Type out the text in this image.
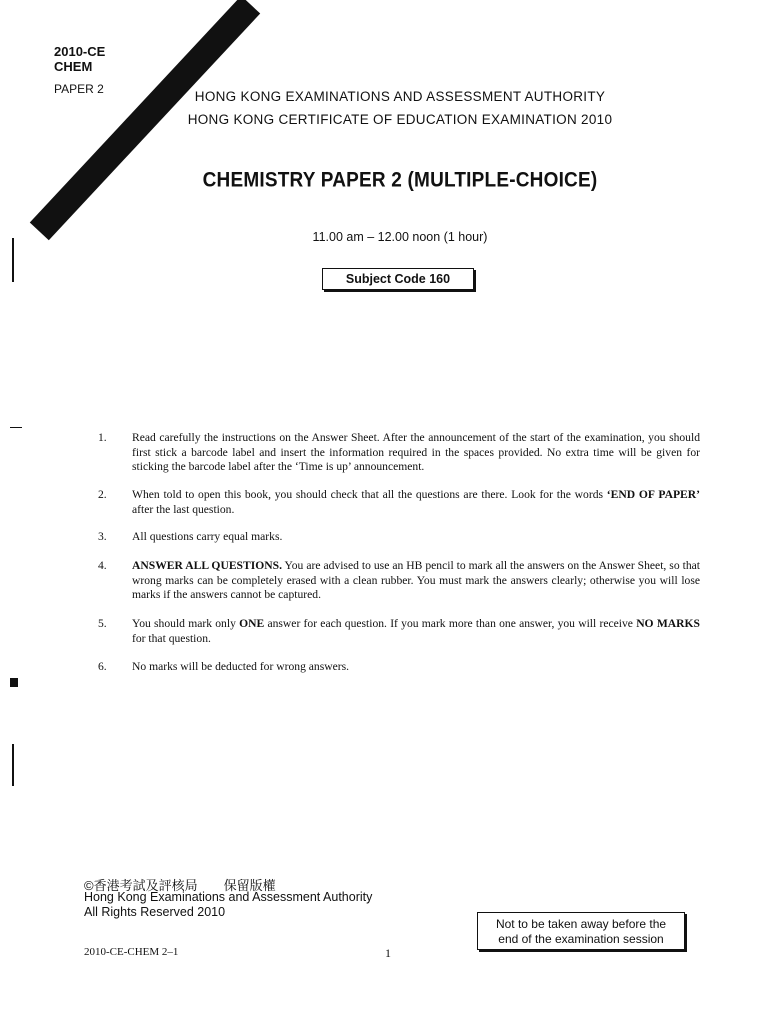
MC
2010-CE
CHEM
PAPER 2	HONG KONG EXAMINATIONS AND ASSESSMENT AUTHORITY
HONG KONG CERTIFICATE OF EDUCATION EXAMINATION 2010
CHEMISTRY PAPER 2 (MULTIPLE-CHOICE)
11.00 am – 12.00 noon (1 hour)
Subject Code 160
1.	Read carefully the instructions on the Answer Sheet. After the announcement of the start of the examination, you should first stick a barcode label and insert the information required in the spaces provided. No extra time will be given for sticking the barcode label after the ‘Time is up’ announcement.
2.	When told to open this book, you should check that all the questions are there. Look for the words ‘END OF PAPER’ after the last question.
3.	All questions carry equal marks.
4.	ANSWER ALL QUESTIONS. You are advised to use an HB pencil to mark all the answers on the Answer Sheet, so that wrong marks can be completely erased with a clean rubber. You must mark the answers clearly; otherwise you will lose marks if the answers cannot be captured.
5.	You should mark only ONE answer for each question. If you mark more than one answer, you will receive NO MARKS for that question.
6.	No marks will be deducted for wrong answers.
©香港考試及評核局　　保留版權
Hong Kong Examinations and Assessment Authority
All Rights Reserved 2010
Not to be taken away before the
end of the examination session
2010-CE-CHEM 2–1	1
